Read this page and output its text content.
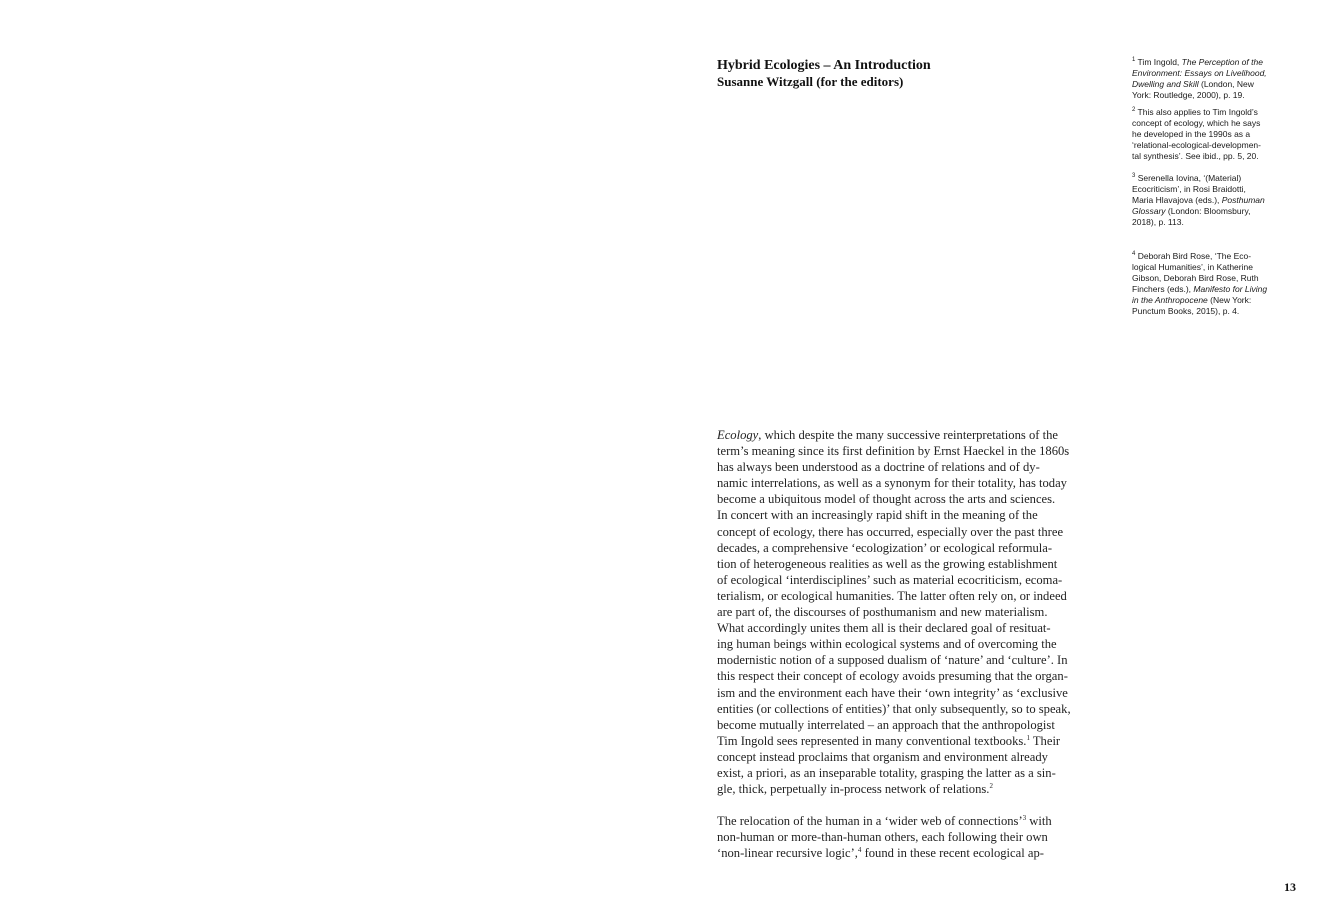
Hybrid Ecologies – An Introduction
Susanne Witzgall (for the editors)

$^1$ Tim Ingold, The Perception of the
Environment: Essays on Livelihood,
Dwelling and Skill (London, New
York: Routledge, 2000), p. 19.

$^2$ This also applies to Tim Ingold’s
concept of ecology, which he says
he developed in the 1990s as a
‘relational-ecological-developmen-
tal synthesis’. See ibid., pp. 5, 20.

$^3$ Serenella Iovina, ‘(Material)
Ecocriticism’, in Rosi Braidotti,
Maria Hlavajova (eds.), Posthuman
Glossary (London: Bloomsbury,
2018), p. 113.

$^4$ Deborah Bird Rose, ‘The Eco-
logical Humanities’, in Katherine
Gibson, Deborah Bird Rose, Ruth
Finchers (eds.), Manifesto for Living
in the Anthropocene (New York:
Punctum Books, 2015), p. 4.

Ecology, which despite the many successive reinterpretations of the
term’s meaning since its first definition by Ernst Haeckel in the 1860s
has always been understood as a doctrine of relations and of dy-
namic interrelations, as well as a synonym for their totality, has today
become a ubiquitous model of thought across the arts and sciences.
In concert with an increasingly rapid shift in the meaning of the
concept of ecology, there has occurred, especially over the past three
decades, a comprehensive ‘ecologization’ or ecological reformula-
tion of heterogeneous realities as well as the growing establishment
of ecological ‘interdisciplines’ such as material ecocriticism, ecoma-
terialism, or ecological humanities. The latter often rely on, or indeed
are part of, the discourses of posthumanism and new materialism.
What accordingly unites them all is their declared goal of resituat-
ing human beings within ecological systems and of overcoming the
modernistic notion of a supposed dualism of ‘nature’ and ‘culture’. In
this respect their concept of ecology avoids presuming that the organ-
ism and the environment each have their ‘own integrity’ as ‘exclusive
entities (or collections of entities)’ that only subsequently, so to speak,
become mutually interrelated – an approach that the anthropologist
Tim Ingold sees represented in many conventional textbooks.$^1$ Their
concept instead proclaims that organism and environment already
exist, a priori, as an inseparable totality, grasping the latter as a sin-
gle, thick, perpetually in-process network of relations.$^2$

The relocation of the human in a ‘wider web of connections’$^3$ with
non-human or more-than-human others, each following their own
‘non-linear recursive logic’,$^4$ found in these recent ecological ap-

13
